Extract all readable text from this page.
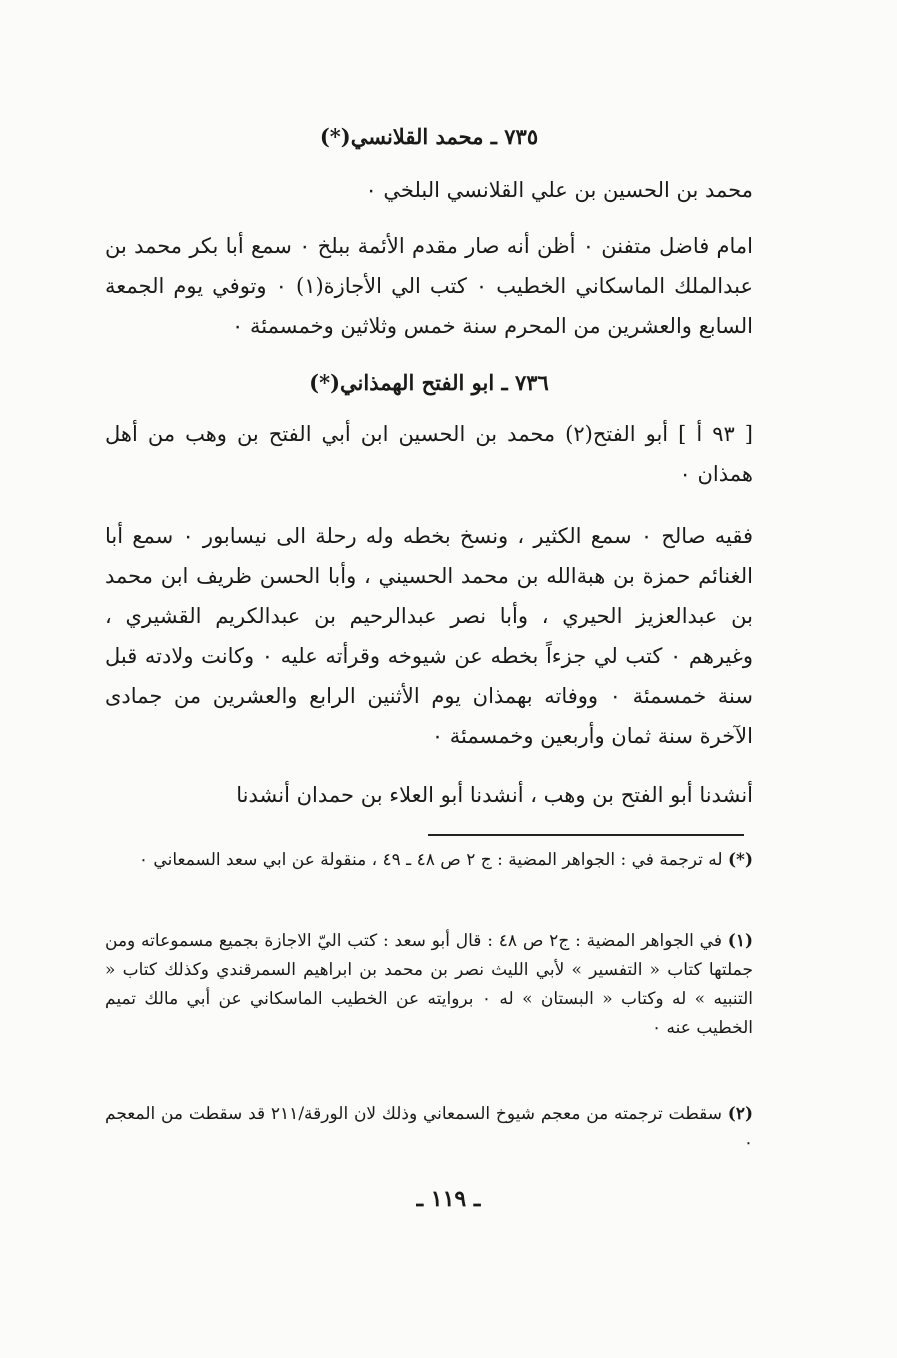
٧٣٥ ـ محمد القلانسي(*)

محمد بن الحسين بن علي القلانسي البلخي ٠

امام فاضل متفنن ٠ أظن أنه صار مقدم الأئمة ببلخ ٠ سمع أبا بكر محمد بن عبدالملك الماسكاني الخطيب ٠ كتب الي الأجازة(١) ٠ وتوفي يوم الجمعة السابع والعشرين من المحرم سنة خمس وثلاثين وخمسمئة ٠

٧٣٦ ـ ابو الفتح الهمذاني(*)

[ ٩٣ أ ] أبو الفتح(٢) محمد بن الحسين ابن أبي الفتح بن وهب من أهل همذان ٠

فقيه صالح ٠ سمع الكثير ، ونسخ بخطه وله رحلة الى نيسابور ٠ سمع أبا الغنائم حمزة بن هبةالله بن محمد الحسيني ، وأبا الحسن ظريف ابن محمد بن عبدالعزيز الحيري ، وأبا نصر عبدالرحيم بن عبدالكريم القشيري ، وغيرهم ٠ كتب لي جزءاً بخطه عن شيوخه وقرأته عليه ٠ وكانت ولادته قبل سنة خمسمئة ٠ ووفاته بهمذان يوم الأثنين الرابع والعشرين من جمادى الآخرة سنة ثمان وأربعين وخمسمئة ٠

أنشدنا أبو الفتح بن وهب ، أنشدنا أبو العلاء بن حمدان أنشدنا

(*) له ترجمة في : الجواهر المضية : ج ٢ ص ٤٨ ـ ٤٩ ، منقولة عن ابي سعد السمعاني ٠

(١) في الجواهر المضية : ج٢ ص ٤٨ : قال أبو سعد : كتب اليّ الاجازة بجميع مسموعاته ومن جملتها كتاب « التفسير » لأبي الليث نصر بن محمد بن ابراهيم السمرقندي وكذلك كتاب « التنبيه » له وكتاب « البستان » له ٠ بروايته عن الخطيب الماسكاني عن أبي مالك تميم الخطيب عنه ٠

(٢) سقطت ترجمته من معجم شيوخ السمعاني وذلك لان الورقة/٢١١ قد سقطت من المعجم ٠

ـ ١١٩ ـ
